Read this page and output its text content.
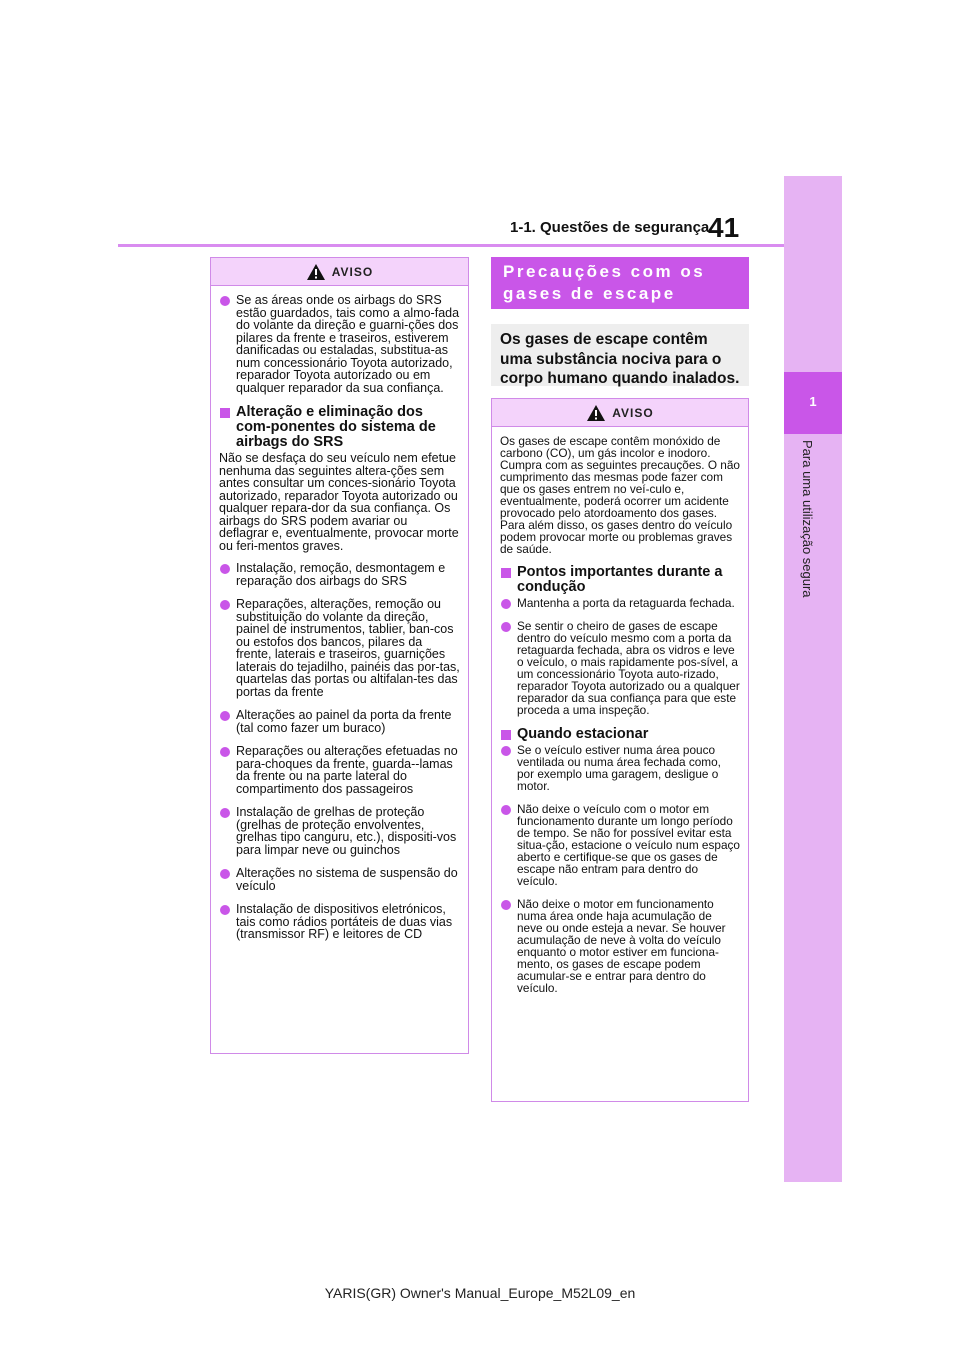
41
1-1. Questões de segurança
1
Para uma utilização segura
AVISO
Se as áreas onde os airbags do SRS estão guardados, tais como a almo-fada do volante da direção e guarni-ções dos pilares da frente e traseiros, estiverem danificadas ou estaladas, substitua-as num concessionário Toyota autorizado, reparador Toyota autorizado ou em qualquer reparador da sua confiança.
Alteração e eliminação dos com-ponentes do sistema de airbags do SRS
Não se desfaça do seu veículo nem efetue nenhuma das seguintes altera-ções sem antes consultar um conces-sionário Toyota autorizado, reparador Toyota autorizado ou qualquer repara-dor da sua confiança. Os airbags do SRS podem avariar ou deflagrar e, eventualmente, provocar morte ou feri-mentos graves.
Instalação, remoção, desmontagem e reparação dos airbags do SRS
Reparações, alterações, remoção ou substituição do volante da direção, painel de instrumentos, tablier, ban-cos ou estofos dos bancos, pilares da frente, laterais e traseiros, guarnições laterais do tejadilho, painéis das por-tas, quartelas das portas ou altifalan-tes das portas da frente
Alterações ao painel da porta da frente (tal como fazer um buraco)
Reparações ou alterações efetuadas no para-choques da frente, guarda--lamas da frente ou na parte lateral do compartimento dos passageiros
Instalação de grelhas de proteção (grelhas de proteção envolventes, grelhas tipo canguru, etc.), dispositi-vos para limpar neve ou guinchos
Alterações no sistema de suspensão do veículo
Instalação de dispositivos eletrónicos, tais como rádios portáteis de duas vias (transmissor RF) e leitores de CD
Precauções com os gases de escape
Os gases de escape contêm uma substância nociva para o corpo humano quando inalados.
AVISO
Os gases de escape contêm monóxido de carbono (CO), um gás incolor e inodoro. Cumpra com as seguintes precauções. O não cumprimento das mesmas pode fazer com que os gases entrem no veí-culo e, eventualmente, poderá ocorrer um acidente provocado pelo atordoamento dos gases. Para além disso, os gases dentro do veículo podem provocar morte ou problemas graves de saúde.
Pontos importantes durante a condução
Mantenha a porta da retaguarda fechada.
Se sentir o cheiro de gases de escape dentro do veículo mesmo com a porta da retaguarda fechada, abra os vidros e leve o veículo, o mais rapidamente pos-sível, a um concessionário Toyota auto-rizado, reparador Toyota autorizado ou a qualquer reparador da sua confiança para que este proceda a uma inspeção.
Quando estacionar
Se o veículo estiver numa área pouco ventilada ou numa área fechada como, por exemplo uma garagem, desligue o motor.
Não deixe o veículo com o motor em funcionamento durante um longo período de tempo. Se não for possível evitar esta situa-ção, estacione o veículo num espaço aberto e certifique-se que os gases de escape não entram para dentro do veículo.
Não deixe o motor em funcionamento numa área onde haja acumulação de neve ou onde esteja a nevar. Se houver acumulação de neve à volta do veículo enquanto o motor estiver em funciona-mento, os gases de escape podem acumular-se e entrar para dentro do veículo.
YARIS(GR) Owner's Manual_Europe_M52L09_en
